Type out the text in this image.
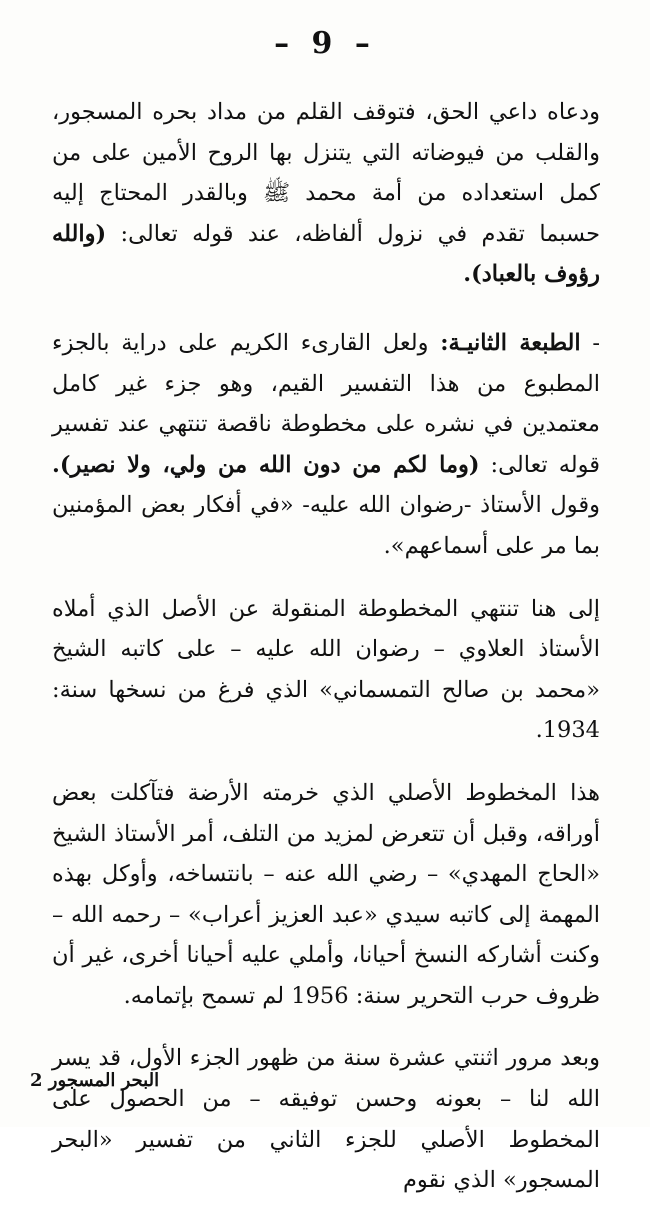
– 9 –

ودعاه داعي الحق، فتوقف القلم من مداد بحره المسجور، والقلب من فيوضاته التي يتنزل بها الروح الأمين على من كمل استعداده من أمة محمد ﷺ وبالقدر المحتاج إليه حسبما تقدم في نزول ألفاظه، عند قوله تعالى: (والله رؤوف بالعباد).

- الطبعة الثانيـة: ولعل القارىء الكريم على دراية بالجزء المطبوع من هذا التفسير القيم، وهو جزء غير كامل معتمدين في نشره على مخطوطة ناقصة تنتهي عند تفسير قوله تعالى: (وما لكم من دون الله من ولي، ولا نصير). وقول الأستاذ -رضوان الله عليه- «في أفكار بعض المؤمنين بما مر على أسماعهم».

إلى هنا تنتهي المخطوطة المنقولة عن الأصل الذي أملاه الأستاذ العلاوي – رضوان الله عليه – على كاتبه الشيخ «محمد بن صالح التمسماني» الذي فرغ من نسخها سنة: 1934.

هذا المخطوط الأصلي الذي خرمته الأرضة فتآكلت بعض أوراقه، وقبل أن تتعرض لمزيد من التلف، أمر الأستاذ الشيخ «الحاج المهدي» – رضي الله عنه – بانتساخه، وأوكل بهذه المهمة إلى كاتبه سيدي «عبد العزيز أعراب» – رحمه الله – وكنت أشاركه النسخ أحيانا، وأملي عليه أحيانا أخرى، غير أن ظروف حرب التحرير سنة: 1956 لم تسمح بإتمامه.

وبعد مرور اثنتي عشرة سنة من ظهور الجزء الأول، قد يسر الله لنا – بعونه وحسن توفيقه – من الحصول على المخطوط الأصلي للجزء الثاني من تفسير «البحر المسجور» الذي نقوم

البحر المسجور 2
